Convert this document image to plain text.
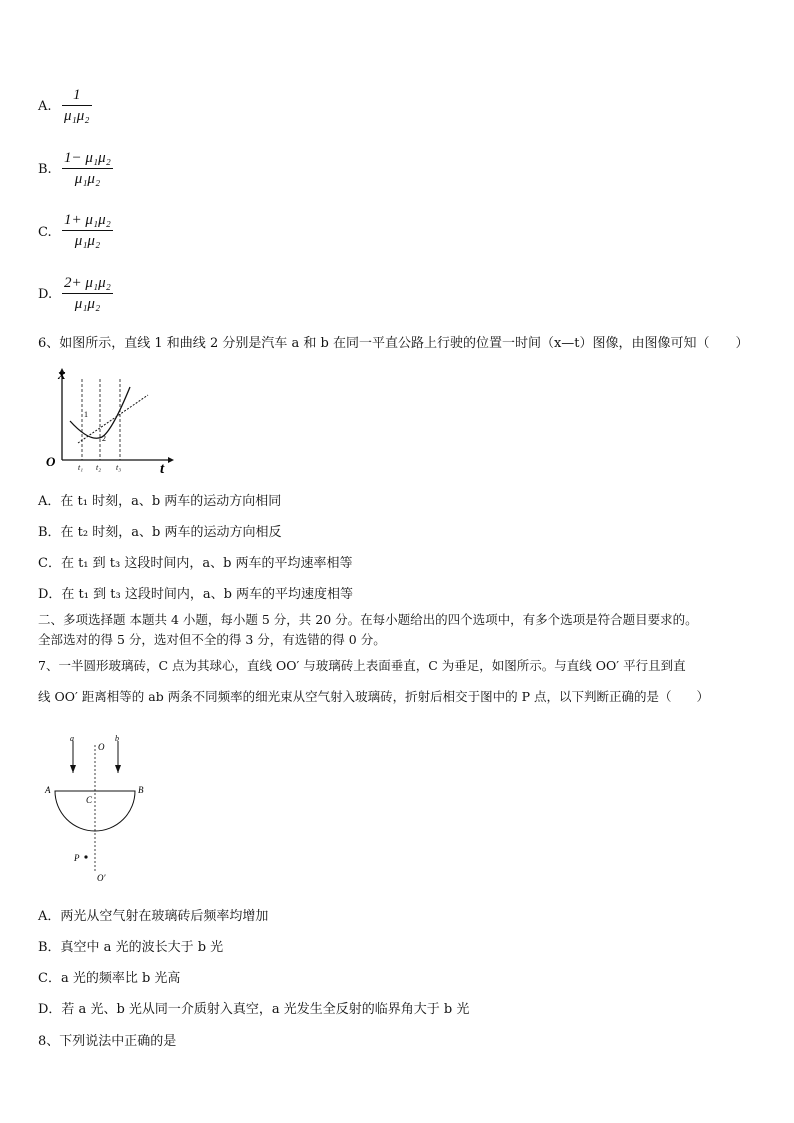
A.
1
μ₁μ₂
B.
1− μ₁μ₂
μ₁μ₂
C.
1+ μ₁μ₂
μ₁μ₂
D.
2+ μ₁μ₂
μ₁μ₂
6、如图所示，直线 1 和曲线 2 分别是汽车 a 和 b 在同一平直公路上行驶的位置一时间（x—t）图像，由图像可知（　　）
x
t
O
1
2
t₁ t₂ t₃
A．在 t₁ 时刻，a、b 两车的运动方向相同
B．在 t₂ 时刻，a、b 两车的运动方向相反
C．在 t₁ 到 t₃ 这段时间内，a、b 两车的平均速率相等
D．在 t₁ 到 t₃ 这段时间内，a、b 两车的平均速度相等
二、多项选择题 本题共 4 小题，每小题 5 分，共 20 分。在每小题给出的四个选项中，有多个选项是符合题目要求的。
全部选对的得 5 分，选对但不全的得 3 分，有选错的得 0 分。
7、一半圆形玻璃砖，C 点为其球心，直线 OO′ 与玻璃砖上表面垂直，C 为垂足，如图所示。与直线 OO′ 平行且到直
线 OO′ 距离相等的 ab 两条不同频率的细光束从空气射入玻璃砖，折射后相交于图中的 P 点，以下判断正确的是（　　）
a	b
O
A	B
C
P
O′
A．两光从空气射在玻璃砖后频率均增加
B．真空中 a 光的波长大于 b 光
C．a 光的频率比 b 光高
D．若 a 光、b 光从同一介质射入真空，a 光发生全反射的临界角大于 b 光
8、下列说法中正确的是
